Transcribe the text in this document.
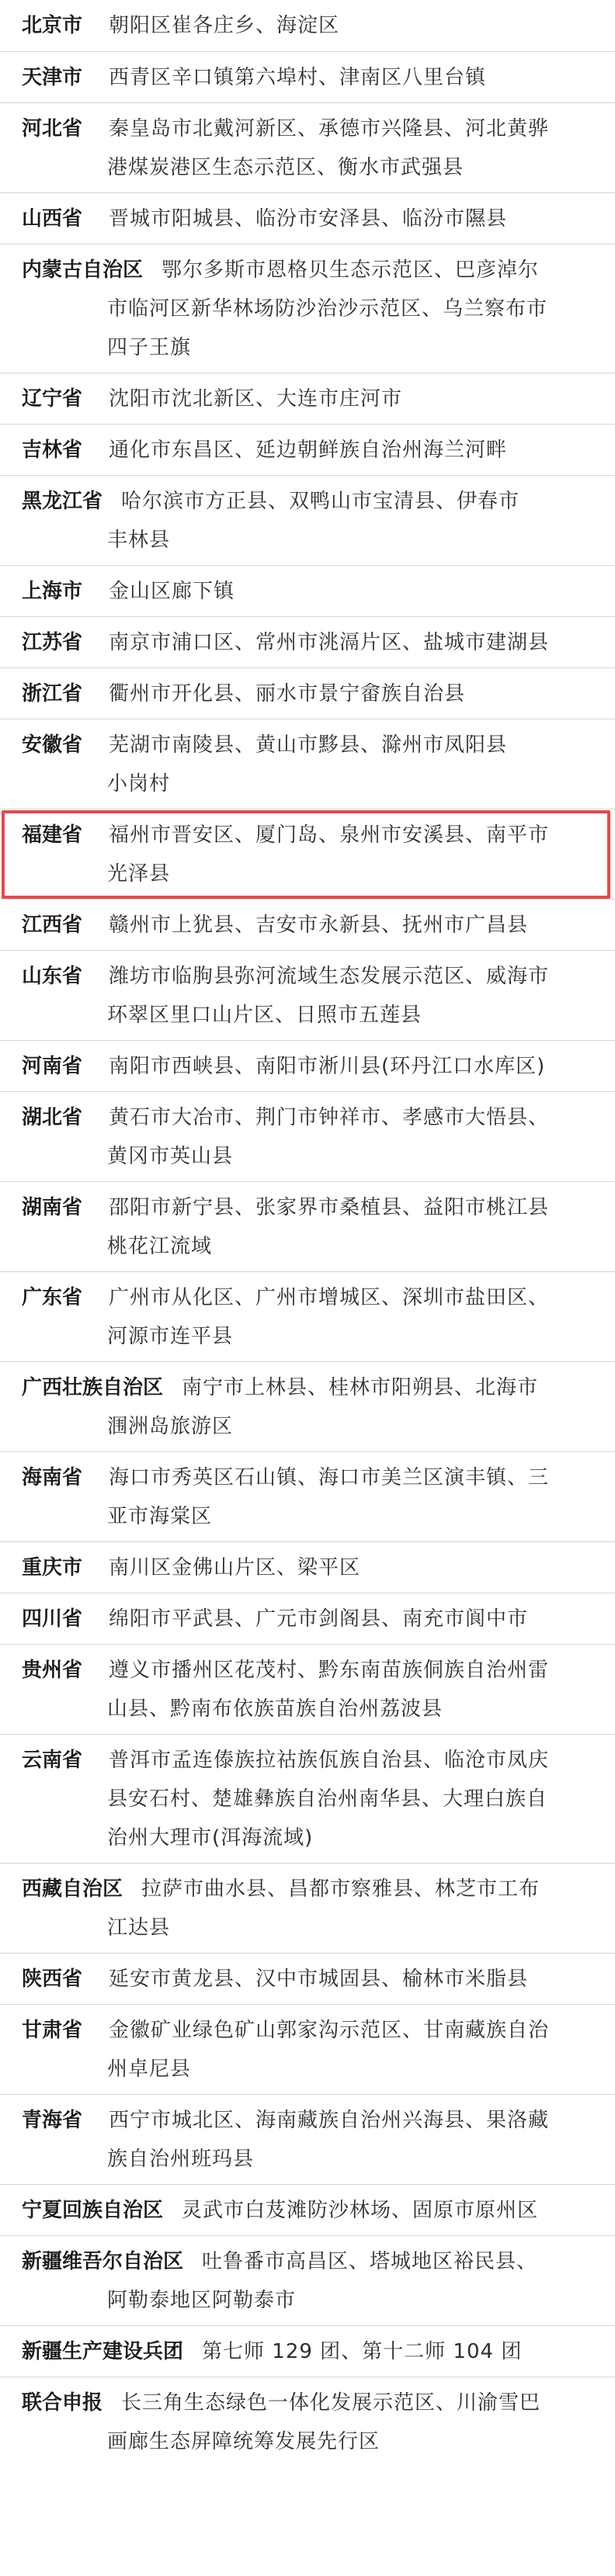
北京市 朝阳区崔各庄乡、海淀区
天津市 西青区辛口镇第六埠村、津南区八里台镇
河北省 秦皇岛市北戴河新区、承德市兴隆县、河北黄骅
港煤炭港区生态示范区、衡水市武强县
山西省 晋城市阳城县、临汾市安泽县、临汾市隰县
内蒙古自治区 鄂尔多斯市恩格贝生态示范区、巴彦淖尔
市临河区新华林场防沙治沙示范区、乌兰察布市
四子王旗
辽宁省 沈阳市沈北新区、大连市庄河市
吉林省 通化市东昌区、延边朝鲜族自治州海兰河畔
黑龙江省 哈尔滨市方正县、双鸭山市宝清县、伊春市
丰林县
上海市 金山区廊下镇
江苏省 南京市浦口区、常州市洮滆片区、盐城市建湖县
浙江省 衢州市开化县、丽水市景宁畲族自治县
安徽省 芜湖市南陵县、黄山市黟县、滁州市凤阳县
小岗村
福建省 福州市晋安区、厦门岛、泉州市安溪县、南平市
光泽县
江西省 赣州市上犹县、吉安市永新县、抚州市广昌县
山东省 潍坊市临朐县弥河流域生态发展示范区、威海市
环翠区里口山片区、日照市五莲县
河南省 南阳市西峡县、南阳市淅川县(环丹江口水库区)
湖北省 黄石市大冶市、荆门市钟祥市、孝感市大悟县、
黄冈市英山县
湖南省 邵阳市新宁县、张家界市桑植县、益阳市桃江县
桃花江流域
广东省 广州市从化区、广州市增城区、深圳市盐田区、
河源市连平县
广西壮族自治区 南宁市上林县、桂林市阳朔县、北海市
涠洲岛旅游区
海南省 海口市秀英区石山镇、海口市美兰区演丰镇、三
亚市海棠区
重庆市 南川区金佛山片区、梁平区
四川省 绵阳市平武县、广元市剑阁县、南充市阆中市
贵州省 遵义市播州区花茂村、黔东南苗族侗族自治州雷
山县、黔南布依族苗族自治州荔波县
云南省 普洱市孟连傣族拉祜族佤族自治县、临沧市凤庆
县安石村、楚雄彝族自治州南华县、大理白族自
治州大理市(洱海流域)
西藏自治区 拉萨市曲水县、昌都市察雅县、林芝市工布
江达县
陕西省 延安市黄龙县、汉中市城固县、榆林市米脂县
甘肃省 金徽矿业绿色矿山郭家沟示范区、甘南藏族自治
州卓尼县
青海省 西宁市城北区、海南藏族自治州兴海县、果洛藏
族自治州班玛县
宁夏回族自治区 灵武市白芨滩防沙林场、固原市原州区
新疆维吾尔自治区 吐鲁番市高昌区、塔城地区裕民县、
阿勒泰地区阿勒泰市
新疆生产建设兵团 第七师 129 团、第十二师 104 团
联合申报 长三角生态绿色一体化发展示范区、川渝雪巴
画廊生态屏障统筹发展先行区
